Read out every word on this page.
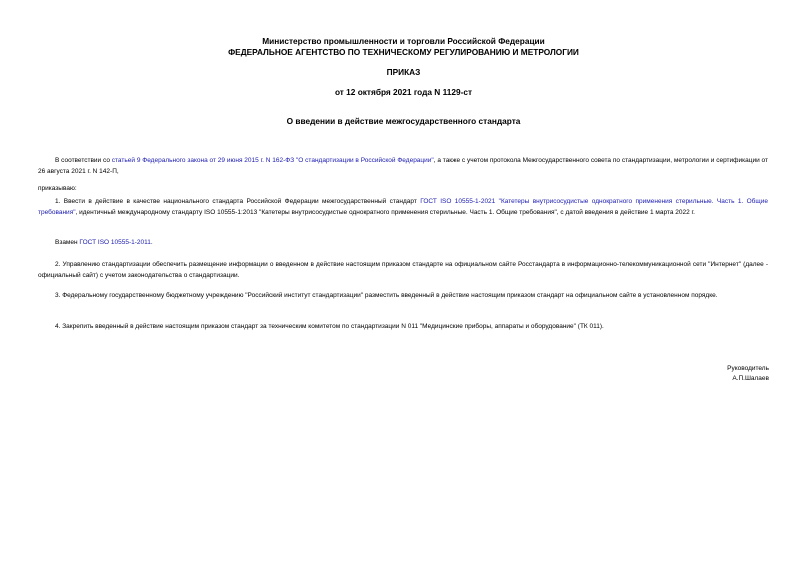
Министерство промышленности и торговли Российской Федерации
ФЕДЕРАЛЬНОЕ АГЕНТСТВО ПО ТЕХНИЧЕСКОМУ РЕГУЛИРОВАНИЮ И МЕТРОЛОГИИ
ПРИКАЗ
от 12 октября 2021 года N 1129-ст
О введении в действие межгосударственного стандарта

В соответствии со статьей 9 Федерального закона от 29 июня 2015 г. N 162-ФЗ "О стандартизации в Российской Федерации", а также с учетом протокола Межгосударственного совета по стандартизации, метрологии и сертификации от 26 августа 2021 г. N 142-П,

приказываю:

1. Ввести в действие в качестве национального стандарта Российской Федерации межгосударственный стандарт ГОСТ ISO 10555-1-2021 "Катетеры внутрисосудистые однократного применения стерильные. Часть 1. Общие требования", идентичный международному стандарту ISO 10555-1:2013 "Катетеры внутрисосудистые однократного применения стерильные. Часть 1. Общие требования", с датой введения в действие 1 марта 2022 г.

Взамен ГОСТ ISO 10555-1-2011.

2. Управлению стандартизации обеспечить размещение информации о введенном в действие настоящим приказом стандарте на официальном сайте Росстандарта в информационно-телекоммуникационной сети "Интернет" (далее - официальный сайт) с учетом законодательства о стандартизации.

3. Федеральному государственному бюджетному учреждению "Российский институт стандартизации" разместить введенный в действие настоящим приказом стандарт на официальном сайте в установленном порядке.

4. Закрепить введенный в действие настоящим приказом стандарт за техническим комитетом по стандартизации N 011 "Медицинские приборы, аппараты и оборудование" (ТК 011).

Руководитель
А.П.Шалаев
